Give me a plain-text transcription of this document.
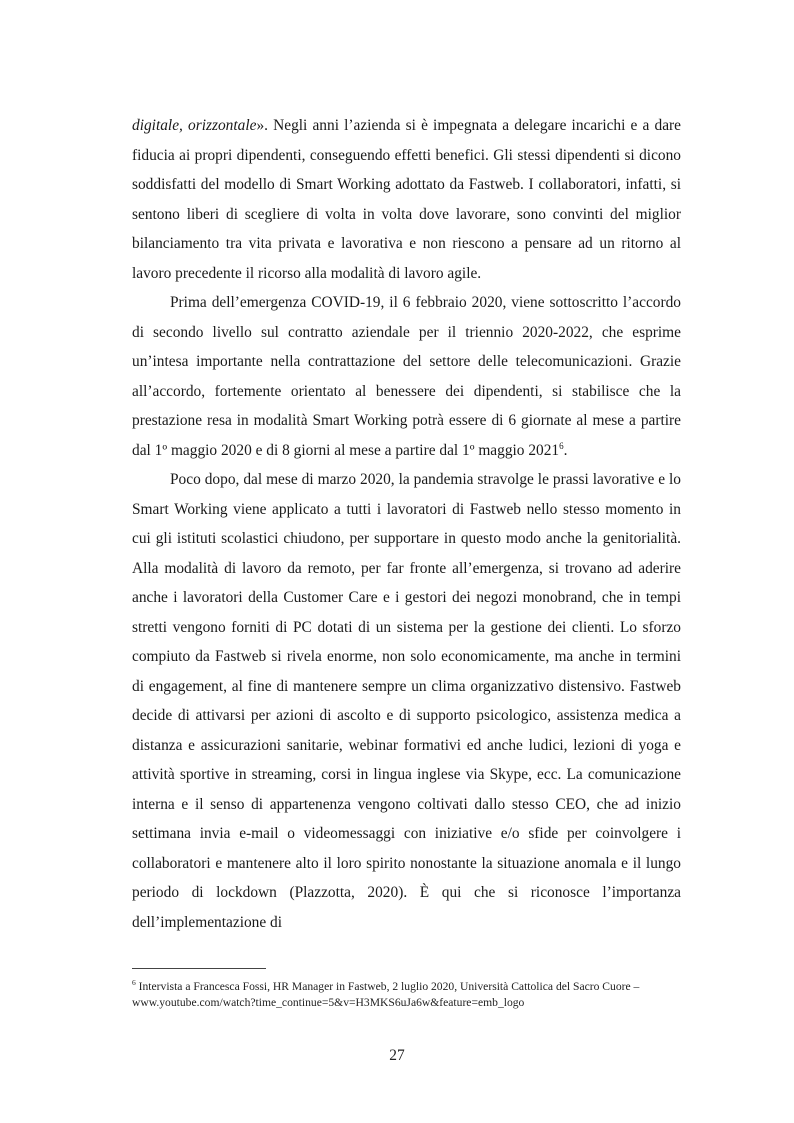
digitale, orizzontale». Negli anni l’azienda si è impegnata a delegare incarichi e a dare fiducia ai propri dipendenti, conseguendo effetti benefici. Gli stessi dipendenti si dicono soddisfatti del modello di Smart Working adottato da Fastweb. I collaboratori, infatti, si sentono liberi di scegliere di volta in volta dove lavorare, sono convinti del miglior bilanciamento tra vita privata e lavorativa e non riescono a pensare ad un ritorno al lavoro precedente il ricorso alla modalità di lavoro agile.

Prima dell’emergenza COVID-19, il 6 febbraio 2020, viene sottoscritto l’accordo di secondo livello sul contratto aziendale per il triennio 2020-2022, che esprime un’intesa importante nella contrattazione del settore delle telecomunicazioni. Grazie all’accordo, fortemente orientato al benessere dei dipendenti, si stabilisce che la prestazione resa in modalità Smart Working potrà essere di 6 giornate al mese a partire dal 1º maggio 2020 e di 8 giorni al mese a partire dal 1º maggio 2021$^6$.

Poco dopo, dal mese di marzo 2020, la pandemia stravolge le prassi lavorative e lo Smart Working viene applicato a tutti i lavoratori di Fastweb nello stesso momento in cui gli istituti scolastici chiudono, per supportare in questo modo anche la genitorialità. Alla modalità di lavoro da remoto, per far fronte all’emergenza, si trovano ad aderire anche i lavoratori della Customer Care e i gestori dei negozi monobrand, che in tempi stretti vengono forniti di PC dotati di un sistema per la gestione dei clienti. Lo sforzo compiuto da Fastweb si rivela enorme, non solo economicamente, ma anche in termini di engagement, al fine di mantenere sempre un clima organizzativo distensivo. Fastweb decide di attivarsi per azioni di ascolto e di supporto psicologico, assistenza medica a distanza e assicurazioni sanitarie, webinar formativi ed anche ludici, lezioni di yoga e attività sportive in streaming, corsi in lingua inglese via Skype, ecc. La comunicazione interna e il senso di appartenenza vengono coltivati dallo stesso CEO, che ad inizio settimana invia e-mail o videomessaggi con iniziative e/o sfide per coinvolgere i collaboratori e mantenere alto il loro spirito nonostante la situazione anomala e il lungo periodo di lockdown (Plazzotta, 2020). È qui che si riconosce l’importanza dell’implementazione di

$^6$ Intervista a Francesca Fossi, HR Manager in Fastweb, 2 luglio 2020, Università Cattolica del Sacro Cuore – www.youtube.com/watch?time_continue=5&v=H3MKS6uJa6w&feature=emb_logo
27
